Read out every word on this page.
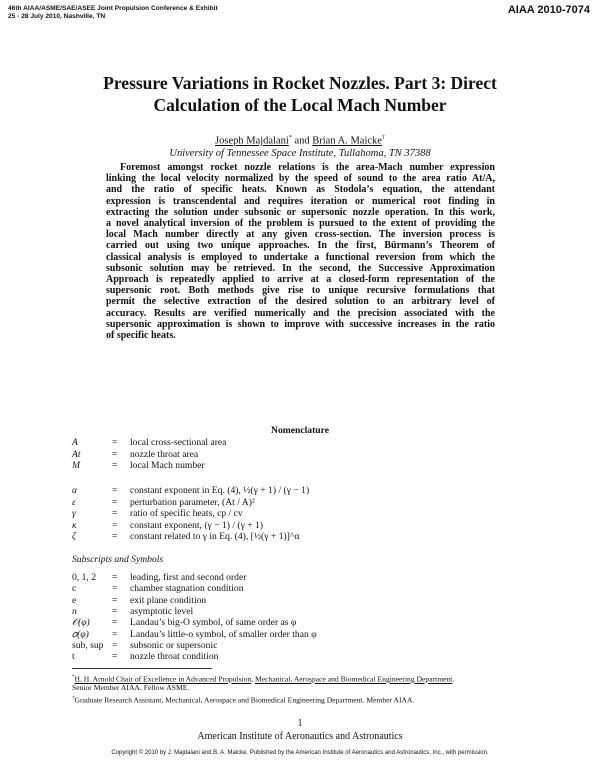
46th AIAA/ASME/SAE/ASEE Joint Propulsion Conference & Exhibit
25 - 28 July 2010, Nashville, TN
AIAA 2010-7074
Pressure Variations in Rocket Nozzles. Part 3: Direct
Calculation of the Local Mach Number
Joseph Majdalani* and Brian A. Maicke†
University of Tennessee Space Institute, Tullahoma, TN 37388
Foremost amongst rocket nozzle relations is the area-Mach number expression
linking the local velocity normalized by the speed of sound to the area ratio At/A,
and the ratio of specific heats. Known as Stodola’s equation, the attendant
expression is transcendental and requires iteration or numerical root finding in
extracting the solution under subsonic or supersonic nozzle operation. In this work,
a novel analytical inversion of the problem is pursued to the extent of providing the
local Mach number directly at any given cross-section. The inversion process is
carried out using two unique approaches. In the first, Bürmann’s Theorem of
classical analysis is employed to undertake a functional reversion from which the
subsonic solution may be retrieved. In the second, the Successive Approximation
Approach is repeatedly applied to arrive at a closed-form representation of the
supersonic root. Both methods give rise to unique recursive formulations that
permit the selective extraction of the desired solution to an arbitrary level of
accuracy. Results are verified numerically and the precision associated with the
supersonic approximation is shown to improve with successive increases in the ratio
of specific heats.
Nomenclature
A	= local cross-sectional area
At	= nozzle throat area
M	= local Mach number
α	= constant exponent in Eq. (4), ½(γ + 1) / (γ − 1)
ε	= perturbation parameter, (At / A)²
γ	= ratio of specific heats, cp / cv
κ	= constant exponent, (γ − 1) / (γ + 1)
ζ	= constant related to γ in Eq. (4), [½(γ + 1)]^α
0, 1, 2 = leading, first and second order
c	= chamber stagnation condition
e	= exit plane condition
n	= asymptotic level
𝒪(φ) = Landau’s big-O symbol, of same order as φ
𝑜(φ) = Landau’s little-o symbol, of smaller order than φ
sub, sup = subsonic or supersonic
t	= nozzle throat condition
Subscripts and Symbols
*H. H. Arnold Chair of Excellence in Advanced Propulsion, Mechanical, Aerospace and Biomedical Engineering Department.
Senior Member AIAA. Fellow ASME.
†Graduate Research Assistant, Mechanical, Aerospace and Biomedical Engineering Department. Member AIAA.
1
American Institute of Aeronautics and Astronautics
Copyright © 2010 by J. Majdalani and B. A. Maicke. Published by the American Institute of Aeronautics and Astronautics, Inc., with permission.
